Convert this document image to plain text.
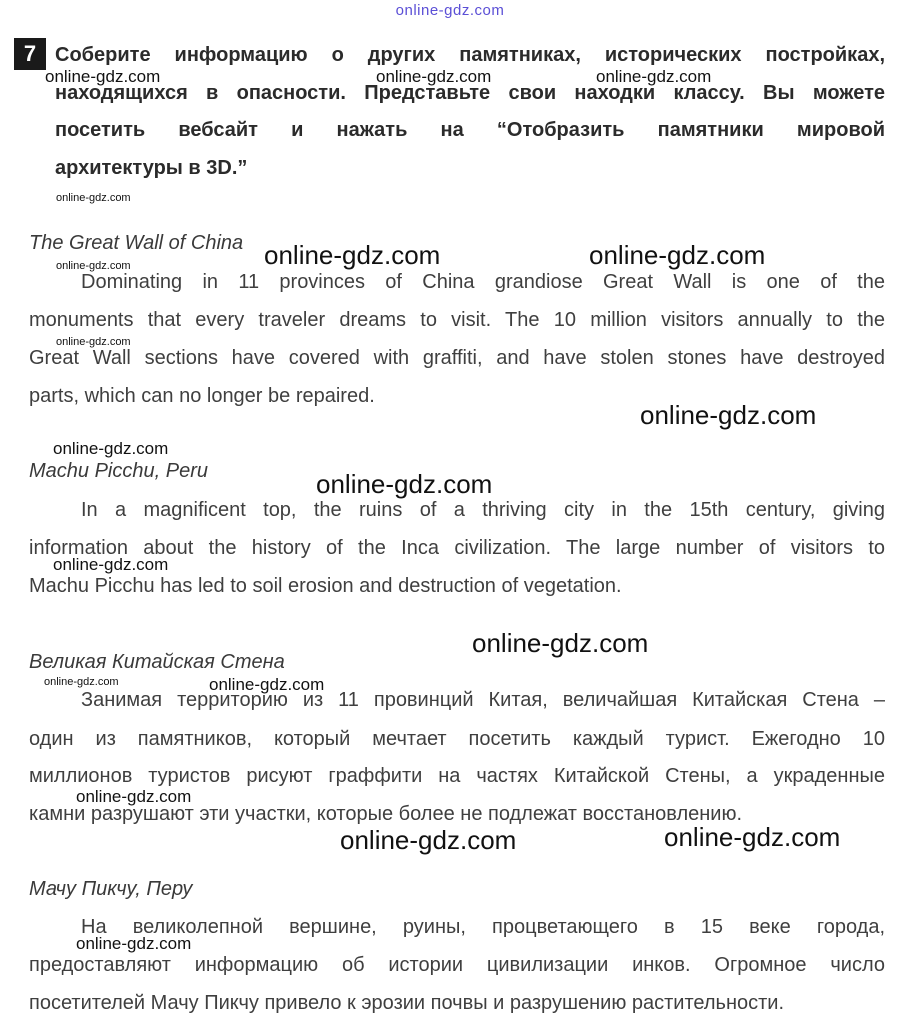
online-gdz.com
7 Соберите информацию о других памятниках, исторических постройках,
находящихся в опасности. Представьте свои находки классу. Вы можете
посетить вебсайт и нажать на “Отобразить памятники мировой
архитектуры в 3D.”
The Great Wall of China
Dominating in 11 provinces of China grandiose Great Wall is one of the
monuments that every traveler dreams to visit. The 10 million visitors annually to the
Great Wall sections have covered with graffiti, and have stolen stones have destroyed
parts, which can no longer be repaired.
Machu Picchu, Peru
In a magnificent top, the ruins of a thriving city in the 15th century, giving
information about the history of the Inca civilization. The large number of visitors to
Machu Picchu has led to soil erosion and destruction of vegetation.
Великая Китайская Стена
Занимая территорию из 11 провинций Китая, величайшая Китайская Стена –
один из памятников, который мечтает посетить каждый турист. Ежегодно 10
миллионов туристов рисуют граффити на частях Китайской Стены, а украденные
камни разрушают эти участки, которые более не подлежат восстановлению.
Мачу Пикчу, Перу
На великолепной вершине, руины, процветающего в 15 веке города,
предоставляют информацию об истории цивилизации инков. Огромное число
посетителей Мачу Пикчу привело к эрозии почвы и разрушению растительности.
online-gdz.com	online-gdz.com	online-gdz.com
online-gdz.com
online-gdz.com	online-gdz.com
online-gdz.com
online-gdz.com
online-gdz.com
online-gdz.com
online-gdz.com
online-gdz.com
online-gdz.com
online-gdz.com	online-gdz.com
online-gdz.com
online-gdz.com
online-gdz.com
online-gdz.com
